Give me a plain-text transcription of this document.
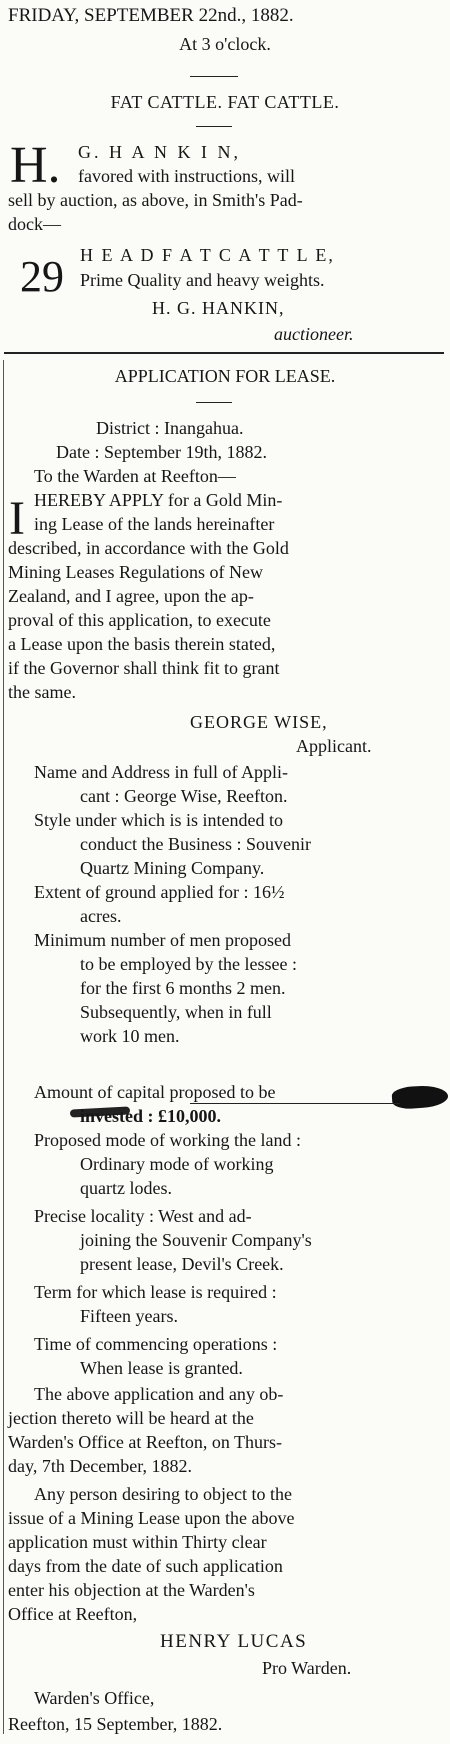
FRIDAY, SEPTEMBER 22nd., 1882.
At 3 o'clock.
FAT CATTLE. FAT CATTLE.
H. G. H A N K I N,
favored with instructions, will
sell by auction, as above, in Smith's Pad-
dock—
29 H E A D F A T C A T T L E,
Prime Quality and heavy weights.
H. G. HANKIN,
auctioneer.
APPLICATION FOR LEASE.
District : Inangahua.
Date : September 19th, 1882.
To the Warden at Reefton—
I HEREBY APPLY for a Gold Min-
ing Lease of the lands hereinafter
described, in accordance with the Gold
Mining Leases Regulations of New
Zealand, and I agree, upon the ap-
proval of this application, to execute
a Lease upon the basis therein stated,
if the Governor shall think fit to grant
the same.
GEORGE WISE,
Applicant.
Name and Address in full of Appli-
cant : George Wise, Reefton.
Style under which is is intended to
conduct the Business : Souvenir
Quartz Mining Company.
Extent of ground applied for : 16½
acres.
Minimum number of men proposed
to be employed by the lessee :
for the first 6 months 2 men.
Subsequently, when in full
work 10 men.
Amount of capital proposed to be
invested : £10,000.
Proposed mode of working the land :
Ordinary mode of working
quartz lodes.
Precise locality : West and ad-
joining the Souvenir Company's
present lease, Devil's Creek.
Term for which lease is required :
Fifteen years.
Time of commencing operations :
When lease is granted.
The above application and any ob-
jection thereto will be heard at the
Warden's Office at Reefton, on Thurs-
day, 7th December, 1882.
Any person desiring to object to the
issue of a Mining Lease upon the above
application must within Thirty clear
days from the date of such application
enter his objection at the Warden's
Office at Reefton,
HENRY LUCAS
Pro Warden.
Warden's Office,
Reefton, 15 September, 1882.
